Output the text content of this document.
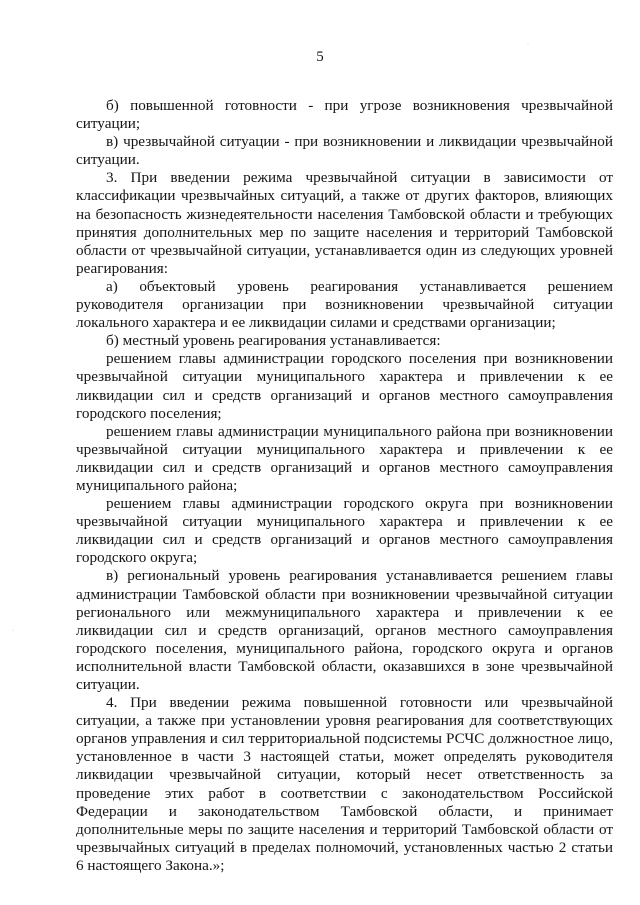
5
·
·

б) повышенной готовности - при угрозе возникновения чрезвычайной ситуации;

в) чрезвычайной ситуации - при возникновении и ликвидации чрезвычайной ситуации.

3. При введении режима чрезвычайной ситуации в зависимости от классификации чрезвычайных ситуаций, а также от других факторов, влияющих на безопасность жизнедеятельности населения Тамбовской области и требующих принятия дополнительных мер по защите населения и территорий Тамбовской области от чрезвычайной ситуации, устанавливается один из следующих уровней реагирования:

а) объектовый уровень реагирования устанавливается решением руководителя организации при возникновении чрезвычайной ситуации локального характера и ее ликвидации силами и средствами организации;

б) местный уровень реагирования устанавливается:

решением главы администрации городского поселения при возникновении чрезвычайной ситуации муниципального характера и привлечении к ее ликвидации сил и средств организаций и органов местного самоуправления городского поселения;

решением главы администрации муниципального района при возникновении чрезвычайной ситуации муниципального характера и привлечении к ее ликвидации сил и средств организаций и органов местного самоуправления муниципального района;

решением главы администрации городского округа при возникновении чрезвычайной ситуации муниципального характера и привлечении к ее ликвидации сил и средств организаций и органов местного самоуправления городского округа;

в) региональный уровень реагирования устанавливается решением главы администрации Тамбовской области при возникновении чрезвычайной ситуации регионального или межмуниципального характера и привлечении к ее ликвидации сил и средств организаций, органов местного самоуправления городского поселения, муниципального района, городского округа и органов исполнительной власти Тамбовской области, оказавшихся в зоне чрезвычайной ситуации.

4. При введении режима повышенной готовности или чрезвычайной ситуации, а также при установлении уровня реагирования для соответствующих органов управления и сил территориальной подсистемы РСЧС должностное лицо, установленное в части 3 настоящей статьи, может определять руководителя ликвидации чрезвычайной ситуации, который несет ответственность за проведение этих работ в соответствии с законодательством Российской Федерации и законодательством Тамбовской области, и принимает дополнительные меры по защите населения и территорий Тамбовской области от чрезвычайных ситуаций в пределах полномочий, установленных частью 2 статьи 6 настоящего Закона.»;
